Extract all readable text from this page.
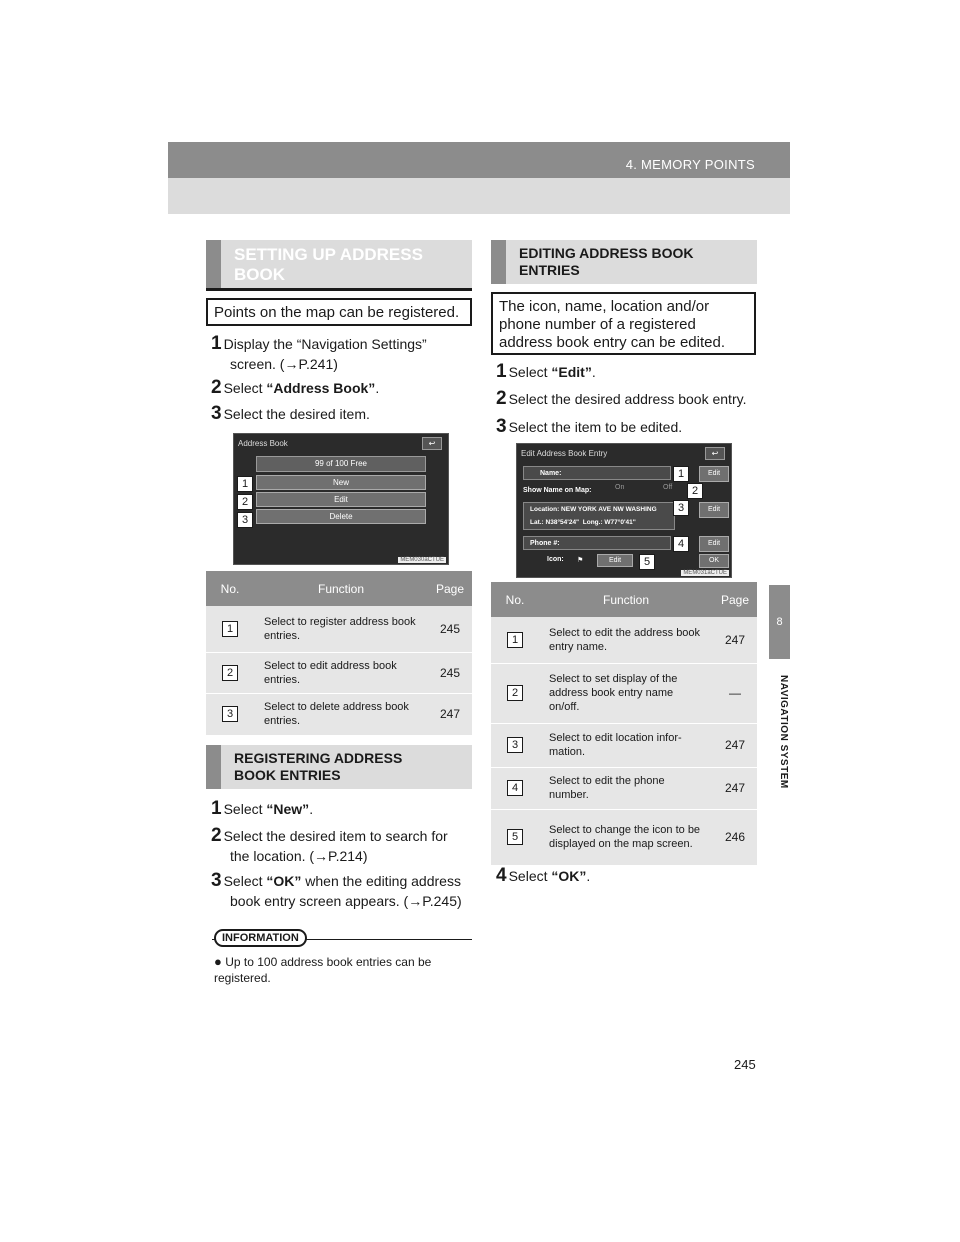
4. MEMORY POINTS
8
NAVIGATION SYSTEM
SETTING UP ADDRESS
BOOK
Points on the map can be registered.
1 Display the “Navigation Settings”
screen. (→P.241)
2 Select “Address Book”.
3 Select the desired item.
Address Book	↩
99 of 100 Free
New
Edit
Delete
1
2
3
MEM030aCTUE
No.	Function	Page
1	Select to register address book entries.	245
2	Select to edit address book entries.	245
3	Select to delete address book entries.	247
REGISTERING ADDRESS
BOOK ENTRIES
1 Select “New”.
2 Select the desired item to search for
the location. (→P.214)
3 Select “OK” when the editing address
book entry screen appears. (→P.245)
INFORMATION
● Up to 100 address book entries can be registered.
EDITING ADDRESS BOOK
ENTRIES
The icon, name, location and/or phone number of a registered address book entry can be edited.
1 Select “Edit”.
2 Select the desired address book entry.
3 Select the item to be edited.
Edit Address Book Entry	↩
Name:
Show Name on Map:	On	Off
Location: NEW YORK AVE NW WASHING
Lat.: N38°54'24" Long.: W77°0'41"
Phone #:
Icon: ⚑	Edit
Edit
Edit
Edit
OK
1
2
3
4
5
MEM031aCTUE
No.	Function	Page
1	Select to edit the address book entry name.	247
2	Select to set display of the address book entry name on/off.	—
3	Select to edit location infor-mation.	247
4	Select to edit the phone number.	247
5	Select to change the icon to be displayed on the map screen.	246
4 Select “OK”.
245
